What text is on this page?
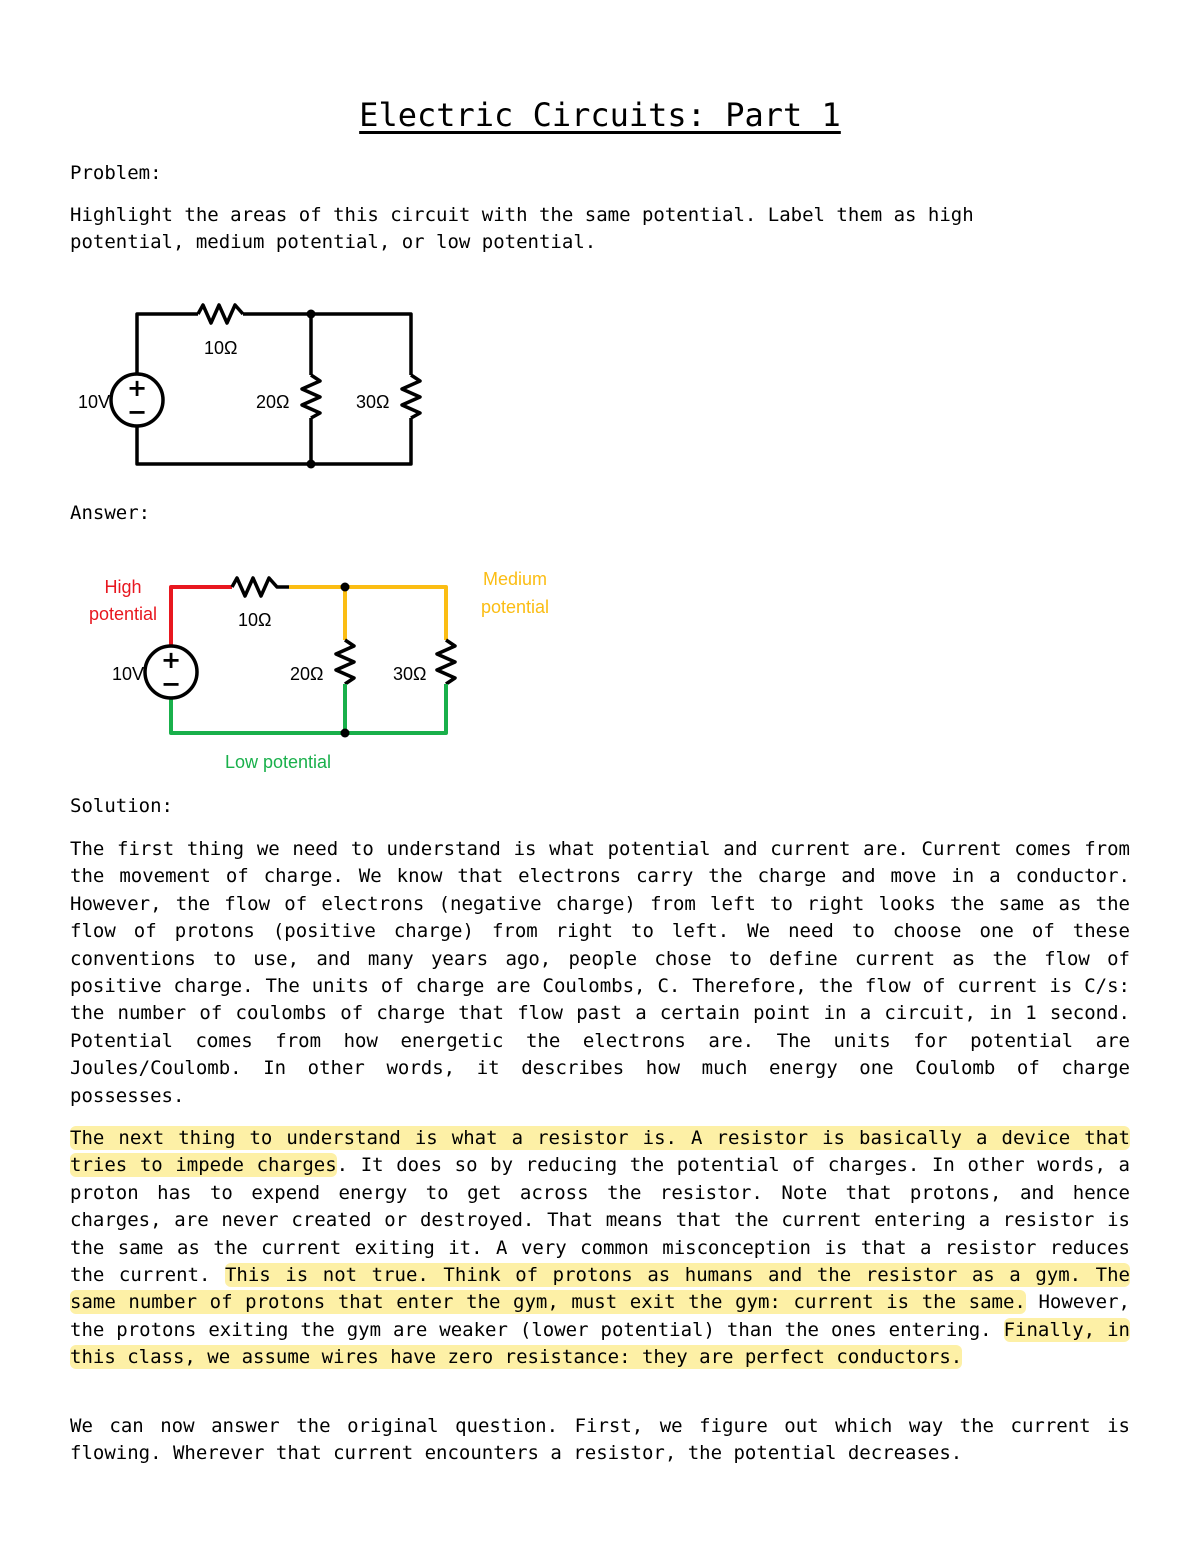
Electric Circuits: Part 1
Problem:

Highlight the areas of this circuit with the same potential. Label them as high potential, medium potential, or low potential.

+
−
10V
10Ω
20Ω	30Ω
Answer:
+
−
10V
10Ω
20Ω	30Ω
High
potential
Medium
potential
Low potential
Solution:

The first thing we need to understand is what potential and current are. Current comes from the movement of charge. We know that electrons carry the charge and move in a conductor. However, the flow of electrons (negative charge) from left to right looks the same as the flow of protons (positive charge) from right to left. We need to choose one of these conventions to use, and many years ago, people chose to define current as the flow of positive charge. The units of charge are Coulombs, C. Therefore, the flow of current is C/s: the number of coulombs of charge that flow past a certain point in a circuit, in 1 second. Potential comes from how energetic the electrons are. The units for potential are Joules/Coulomb. In other words, it describes how much energy one Coulomb of charge possesses.

The next thing to understand is what a resistor is. A resistor is basically a device that tries to impede charges. It does so by reducing the potential of charges. In other words, a proton has to expend energy to get across the resistor. Note that protons, and hence charges, are never created or destroyed. That means that the current entering a resistor is the same as the current exiting it. A very common misconception is that a resistor reduces the current. This is not true. Think of protons as humans and the resistor as a gym. The same number of protons that enter the gym, must exit the gym: current is the same. However, the protons exiting the gym are weaker (lower potential) than the ones entering. Finally, in this class, we assume wires have zero resistance: they are perfect conductors.

We can now answer the original question. First, we figure out which way the current is flowing. Wherever that current encounters a resistor, the potential decreases.
